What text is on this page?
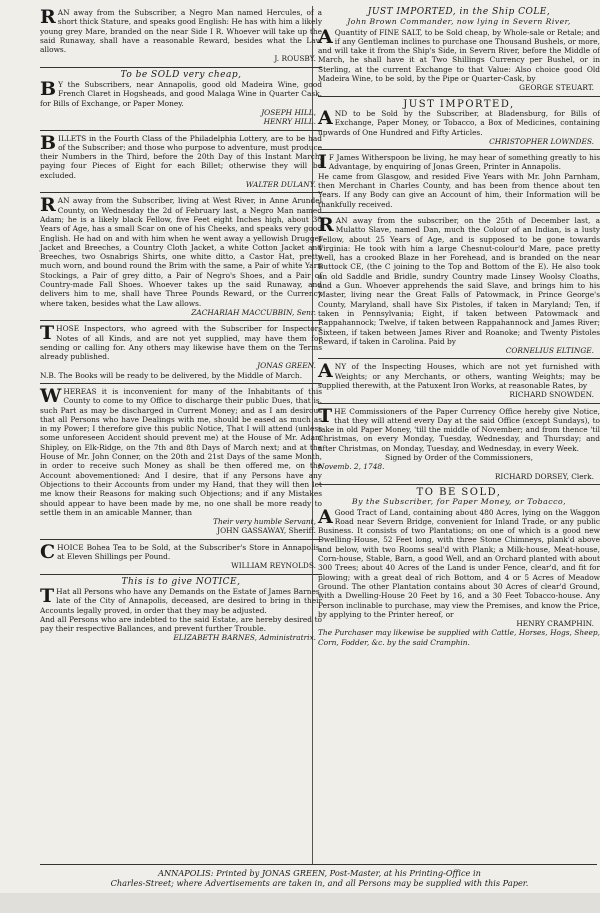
RAN away from the Subscriber, a Negro Man named Hercules, of a short thick Stature, and speaks good English: He has with him a likely young grey Mare, branded on the near Side I R. Whoever will take up the said Runaway, shall have a reasonable Reward, besides what the Law allows.

J. ROUSBY.

To be SOLD very cheap,

B Y the Subscribers, near Annapolis, good old Madeira Wine, good French Claret in Hogsheads, and good Malaga Wine in Quarter Cask, for Bills of Exchange, or Paper Money.

JOSEPH HILL,

HENRY HILL.

BILLETS in the Fourth Class of the Philadelphia Lottery, are to be had of the Subscriber; and those who purpose to adventure, must produce their Numbers in the Third, before the 20th Day of this Instant March, paying four Pieces of Eight for each Billet; otherwise they will be excluded.

WALTER DULANY.

RAN away from the Subscriber, living at West River, in Anne Arundel County, on Wednesday the 2d of February last, a Negro Man named Adam; he is a likely black Fellow, five Feet eight Inches high, about 30 Years of Age, has a small Scar on one of his Cheeks, and speaks very good English. He had on and with him when he went away a yellowish Drugget Jacket and Breeches, a Country Cloth Jacket, a white Cotton Jacket and Breeches, two Osnabrigs Shirts, one white ditto, a Castor Hat, pretty much worn, and bound round the Brim with the same, a Pair of white Yarn Stockings, a Pair of grey ditto, a Pair of Negro's Shoes, and a Pair of Country-made Fall Shoes. Whoever takes up the said Runaway, and delivers him to me, shall have Three Pounds Reward, or the Currency where taken, besides what the Law allows.

ZACHARIAH MACCUBBIN, Senr.

THOSE Inspectors, who agreed with the Subscriber for Inspectors Notes of all Kinds, and are not yet supplied, may have them for sending or calling for. Any others may likewise have them on the Terms already published.

JONAS GREEN.

N.B. The Books will be ready to be delivered, by the Middle of March.

WHEREAS it is inconvenient for many of the Inhabitants of this County to come to my Office to discharge their public Dues, that is, such Part as may be discharged in Current Money; and as I am desirous that all Persons who have Dealings with me, should be eased as much as in my Power; I therefore give this public Notice, That I will attend (unless some unforeseen Accident should prevent me) at the House of Mr. Adam Shipley, on Elk-Ridge, on the 7th and 8th Days of March next; and at the House of Mr. John Conner, on the 20th and 21st Days of the same Month, in order to receive such Money as shall be then offered me, on the Account abovementioned: And I desire, that if any Persons have any Objections to their Accounts from under my Hand, that they will then let me know their Reasons for making such Objections; and if any Mistakes should appear to have been made by me, no one shall be more ready to settle them in an amicable Manner, than

Their very humble Servant,

JOHN GASSAWAY, Sheriff.

CHOICE Bohea Tea to be Sold, at the Subscriber's Store in Annapolis, at Eleven Shillings per Pound.

WILLIAM REYNOLDS.

This is to give NOTICE,

T Hat all Persons who have any Demands on the Estate of James Barnes, late of the City of Annapolis, deceased, are desired to bring in their Accounts legally proved, in order that they may be adjusted.

And all Persons who are indebted to the said Estate, are hereby desired to pay their respective Ballances, and prevent further Trouble.

ELIZABETH BARNES, Administratrix.

JUST IMPORTED, in the Ship COLE,

John Brown Commander, now lying in Severn River,

A Quantity of FINE SALT, to be Sold cheap, by Whole-sale or Retale; and if any Gentleman inclines to purchase one Thousand Bushels, or more, and will take it from the Ship's Side, in Severn River, before the Middle of March, he shall have it at Two Shillings Currency per Bushel, or in Sterling, at the current Exchange to that Value: Also choice good Old Madeira Wine, to be sold, by the Pipe or Quarter-Cask, by

GEORGE STEUART.

JUST IMPORTED,

AND to be Sold by the Subscriber, at Bladensburg, for Bills of Exchange, Paper Money, or Tobacco, a Box of Medicines, containing upwards of One Hundred and Fifty Articles.

CHRISTOPHER LOWNDES.

I F James Witherspoon be living, he may hear of something greatly to his Advantage, by enquiring of Jonas Green, Printer in Annapolis.

He came from Glasgow, and resided Five Years with Mr. John Parnham, then Merchant in Charles County, and has been from thence about ten Years. If any Body can give an Account of him, their Information will be thankfully received.

RAN away from the subscriber, on the 25th of December last, a Mulatto Slave, named Dan, much the Colour of an Indian, is a lusty Fellow, about 25 Years of Age, and is supposed to be gone towards Virginia: He took with him a large Chesnut-colour'd Mare, pace pretty well, has a crooked Blaze in her Forehead, and is branded on the near Buttock CE, (the C joining to the Top and Bottom of the E). He also took an old Saddle and Bridle, sundry Country made Linsey Woolsy Cloaths, and a Gun. Whoever apprehends the said Slave, and brings him to his Master, living near the Great Falls of Patowmack, in Prince George's County, Maryland, shall have Six Pistoles, if taken in Maryland; Ten, if taken in Pennsylvania; Eight, if taken between Patowmack and Rappahannock; Twelve, if taken between Rappahannock and James River; Sixteen, if taken between James River and Roanoke; and Twenty Pistoles Reward, if taken in Carolina. Paid by

CORNELIUS ELTINGE.

ANY of the Inspecting Houses, which are not yet furnished with Weights; or any Merchants, or others, wanting Weights; may be supplied therewith, at the Patuxent Iron Works, at reasonable Rates, by

RICHARD SNOWDEN.

THE Commissioners of the Paper Currency Office hereby give Notice, that they will attend every Day at the said Office (except Sundays), to take in old Paper Money, 'till the middle of November; and from thence 'til Christmas, on every Monday, Tuesday, Wednesday, and Thursday; and after Christmas, on Monday, Tuesday, and Wednesday, in every Week.

Signed by Order of the Commissioners,

Novemb. 2, 1748.

RICHARD DORSEY, Clerk.

TO BE SOLD,

By the Subscriber, for Paper Money, or Tobacco,

A Good Tract of Land, containing about 480 Acres, lying on the Waggon Road near Severn Bridge, convenient for Inland Trade, or any public Business. It consists of two Plantations; on one of which is a good new Dwelling-House, 52 Feet long, with three Stone Chimneys, plank'd above and below, with two Rooms seal'd with Plank; a Milk-house, Meat-house, Corn-house, Stable, Barn, a good Well, and an Orchard planted with about 300 Trees; about 40 Acres of the Land is under Fence, clear'd, and fit for plowing; with a great deal of rich Bottom, and 4 or 5 Acres of Meadow Ground. The other Plantation contains about 30 Acres of clear'd Ground, with a Dwelling-House 20 Feet by 16, and a 30 Feet Tobacco-house. Any Person inclinable to purchase, may view the Premises, and know the Price, by applying to the Printer hereof, or

HENRY CRAMPHIN.

The Purchaser may likewise be supplied with Cattle, Horses, Hogs, Sheep, Corn, Fodder, &c. by the said Cramphin.

ANNAPOLIS: Printed by JONAS GREEN, Post-Master, at his Printing-Office in
Charles-Street; where Advertisements are taken in, and all Persons may be supplied with this Paper.
